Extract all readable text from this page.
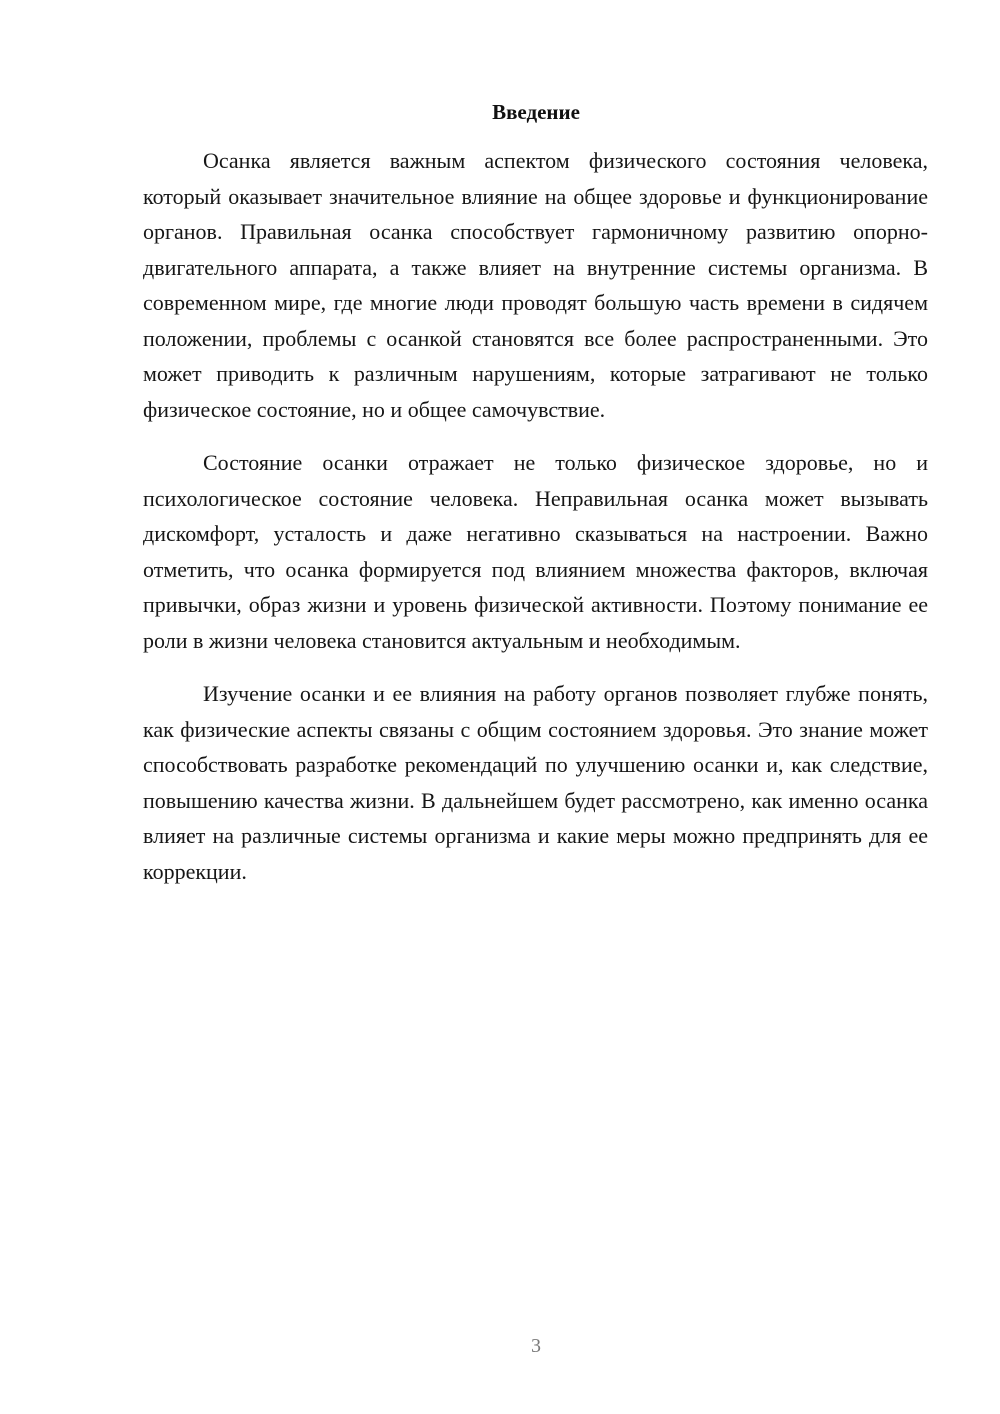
Введение

Осанка является важным аспектом физического состояния человека, который оказывает значительное влияние на общее здоровье и функционирование органов. Правильная осанка способствует гармоничному развитию опорно-двигательного аппарата, а также влияет на внутренние системы организма. В современном мире, где многие люди проводят большую часть времени в сидячем положении, проблемы с осанкой становятся все более распространенными. Это может приводить к различным нарушениям, которые затрагивают не только физическое состояние, но и общее самочувствие.

Состояние осанки отражает не только физическое здоровье, но и психологическое состояние человека. Неправильная осанка может вызывать дискомфорт, усталость и даже негативно сказываться на настроении. Важно отметить, что осанка формируется под влиянием множества факторов, включая привычки, образ жизни и уровень физической активности. Поэтому понимание ее роли в жизни человека становится актуальным и необходимым.

Изучение осанки и ее влияния на работу органов позволяет глубже понять, как физические аспекты связаны с общим состоянием здоровья. Это знание может способствовать разработке рекомендаций по улучшению осанки и, как следствие, повышению качества жизни. В дальнейшем будет рассмотрено, как именно осанка влияет на различные системы организма и какие меры можно предпринять для ее коррекции.

3
